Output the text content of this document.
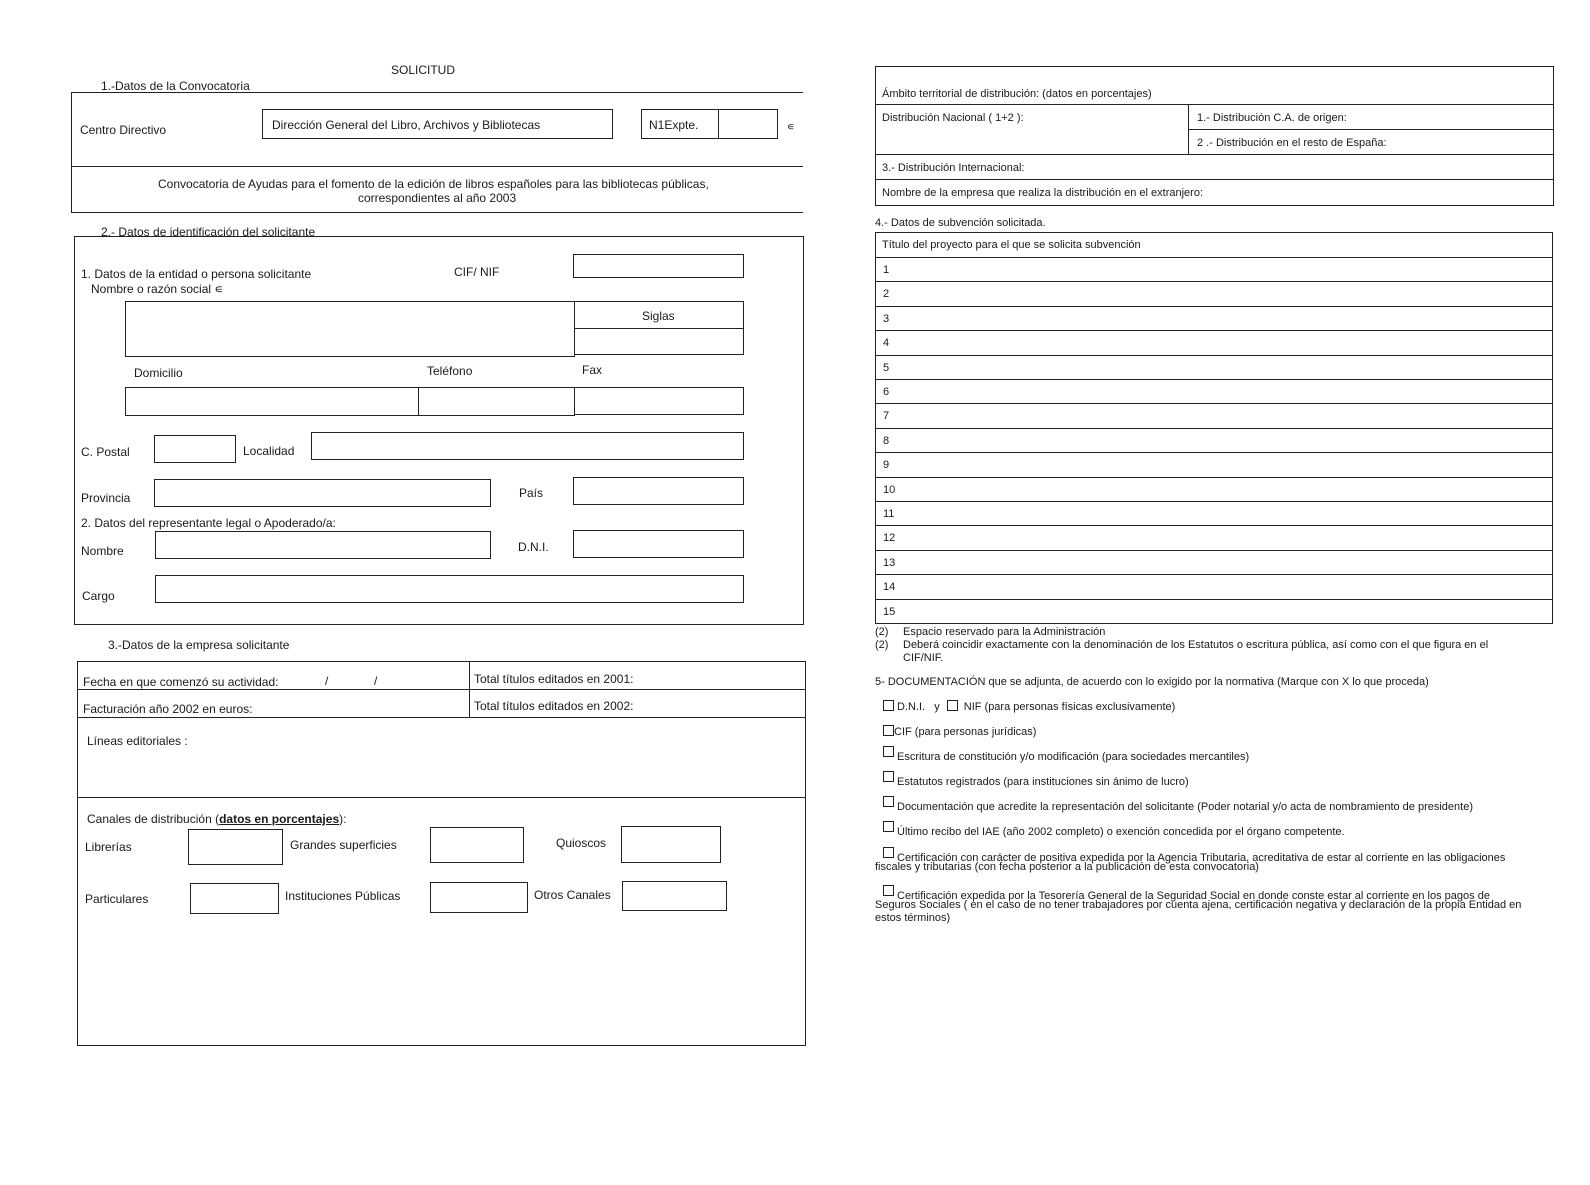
SOLICITUD
1.-Datos de la Convocatoria
Centro Directivo	Dirección General del Libro, Archivos y Bibliotecas	N1Expte.	∊
Convocatoria de Ayudas para el fomento de la edición de libros españoles para las bibliotecas públicas,
correspondientes al año 2003
2.- Datos de identificación del solicitante
1. Datos de la entidad o persona solicitante
Nombre o razón social ∊
CIF/ NIF
Siglas
Domicilio	Teléfono	Fax
C. Postal	Localidad
Provincia	País
2. Datos del representante legal o Apoderado/a:
Nombre	D.N.I.
Cargo
3.-Datos de la empresa solicitante
Fecha en que comenzó su actividad:	/	/	Total títulos editados en 2001:
Facturación año 2002 en euros:	Total títulos editados en 2002:
Líneas editoriales :
Canales de distribución (datos en porcentajes):
Librerías	Grandes superficies	Quioscos
Particulares	Instituciones Públicas	Otros Canales
Ámbito territorial de distribución: (datos en porcentajes)
Distribución Nacional ( 1+2 ):	1.- Distribución C.A. de origen:
2 .- Distribución en el resto de España:
3.- Distribución Internacional:
Nombre de la empresa que realiza la distribución en el extranjero:
4.- Datos de subvención solicitada.
Título del proyecto para el que se solicita subvención
1
2
3
4
5
6
7
8
9
10
11
12
13
14
15
(2) Espacio reservado para la Administración
(2) Deberá coincidir exactamente con la denominación de los Estatutos o escritura pública, así como con el que figura en el
CIF/NIF.
5- DOCUMENTACIÓN que se adjunta, de acuerdo con lo exigido por la normativa (Marque con X lo que proceda)
D.N.I. y NIF (para personas físicas exclusivamente)
CIF (para personas jurídicas)
Escritura de constitución y/o modificación (para sociedades mercantiles)
Estatutos registrados (para instituciones sin ánimo de lucro)
Documentación que acredite la representación del solicitante (Poder notarial y/o acta de nombramiento de presidente)
Último recibo del IAE (año 2002 completo) o exención concedida por el órgano competente.
Certificación con carácter de positiva expedida por la Agencia Tributaria, acreditativa de estar al corriente en las obligaciones
fiscales y tributarias (con fecha posterior a la publicación de esta convocatoria)
Certificación expedida por la Tesorería General de la Seguridad Social en donde conste estar al corriente en los pagos de
Seguros Sociales ( en el caso de no tener trabajadores por cuenta ajena, certificación negativa y declaración de la propia Entidad en
estos términos)
